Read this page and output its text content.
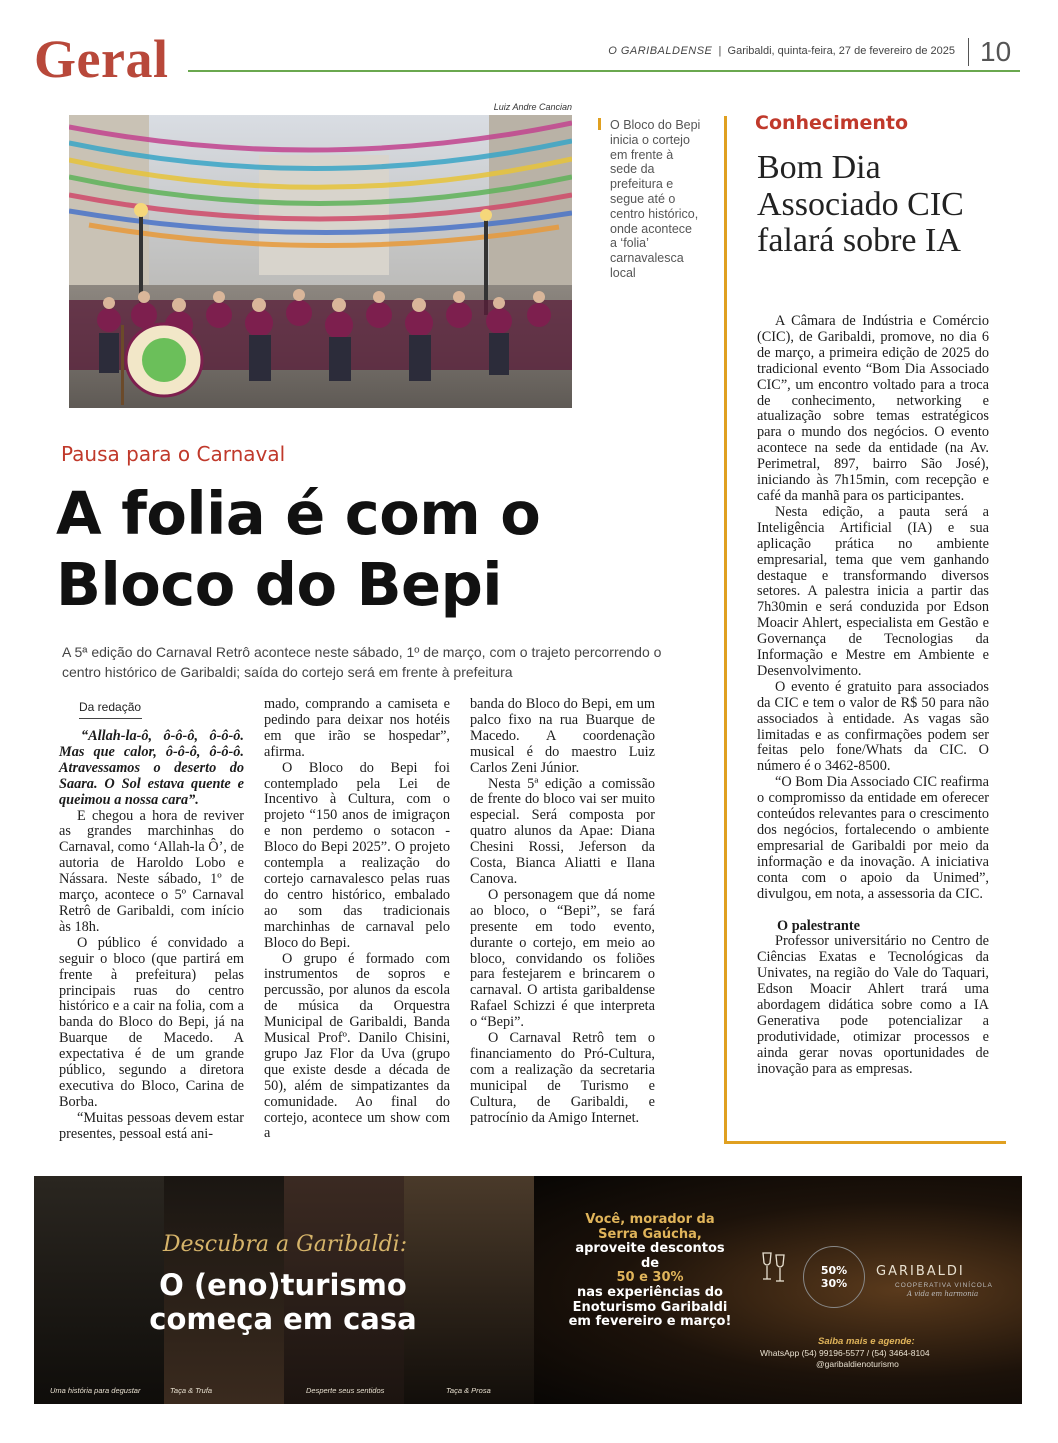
Geral	O GARIBALDENSE  |  Garibaldi, quinta-feira, 27 de fevereiro de 2025 10
Luiz Andre Cancian
O Bloco do Bepi inicia o cortejo em frente à sede da prefeitura e segue até o centro histórico, onde acontece a ‘folia’ carnavalesca local
Pausa para o Carnaval
A folia é com o Bloco do Bepi
A 5ª edição do Carnaval Retrô acontece neste sábado, 1º de março, com o trajeto percorrendo o centro histórico de Garibaldi; saída do cortejo será em frente à prefeitura
Da redação

“Allah-la-ô, ô-ô-ô, ô-ô-ô. Mas que calor, ô-ô-ô, ô-ô-ô. Atravessamos o deserto do Saara. O Sol estava quente e queimou a nossa cara”.

E chegou a hora de reviver as grandes marchinhas do Carnaval, como ‘Allah-la Ô’, de autoria de Haroldo Lobo e Nássara. Neste sábado, 1º de março, acontece o 5º Carnaval Retrô de Garibaldi, com início às 18h.

O público é convidado a seguir o bloco (que partirá em frente à prefeitura) pelas principais ruas do centro histórico e a cair na folia, com a banda do Bloco do Bepi, já na Buarque de Macedo. A expectativa é de um grande público, segundo a diretora executiva do Bloco, Carina de Borba.

“Muitas pessoas devem estar presentes, pessoal está ani-

mado, comprando a camiseta e pedindo para deixar nos hotéis em que irão se hospedar”, afirma.

O Bloco do Bepi foi contemplado pela Lei de Incentivo à Cultura, com o projeto “150 anos de imigraçon e non perdemo o sotacon - Bloco do Bepi 2025”. O projeto contempla a realização do cortejo carnavalesco pelas ruas do centro histórico, embalado ao som das tradicionais marchinhas de carnaval pelo Bloco do Bepi.

O grupo é formado com instrumentos de sopros e percussão, por alunos da escola de música da Orquestra Municipal de Garibaldi, Banda Musical Profº. Danilo Chisini, grupo Jaz Flor da Uva (grupo que existe desde a década de 50), além de simpatizantes da comunidade. Ao final do cortejo, acontece um show com a

banda do Bloco do Bepi, em um palco fixo na rua Buarque de Macedo. A coordenação musical é do maestro Luiz Carlos Zeni Júnior.

Nesta 5ª edição a comissão de frente do bloco vai ser muito especial. Será composta por quatro alunos da Apae: Diana Chesini Rossi, Jeferson da Costa, Bianca Aliatti e Ilana Canova.

O personagem que dá nome ao bloco, o “Bepi”, se fará presente em todo evento, durante o cortejo, em meio ao bloco, convidando os foliões para festejarem e brincarem o carnaval. O artista garibaldense Rafael Schizzi é que interpreta o “Bepi”.

O Carnaval Retrô tem o financiamento do Pró-Cultura, com a realização da secretaria municipal de Turismo e Cultura, de Garibaldi, e patrocínio da Amigo Internet.

Conhecimento
Bom Dia Associado CIC falará sobre IA

A Câmara de Indústria e Comércio (CIC), de Garibaldi, promove, no dia 6 de março, a primeira edição de 2025 do tradicional evento “Bom Dia Associado CIC”, um encontro voltado para a troca de conhecimento, networking e atualização sobre temas estratégicos para o mundo dos negócios. O evento acontece na sede da entidade (na Av. Perimetral, 897, bairro São José), iniciando às 7h15min, com recepção e café da manhã para os participantes.

Nesta edição, a pauta será a Inteligência Artificial (IA) e sua aplicação prática no ambiente empresarial, tema que vem ganhando destaque e transformando diversos setores. A palestra inicia a partir das 7h30min e será conduzida por Edson Moacir Ahlert, especialista em Gestão e Governança de Tecnologias da Informação e Mestre em Ambiente e Desenvolvimento.

O evento é gratuito para associados da CIC e tem o valor de R$ 50 para não associados à entidade. As vagas são limitadas e as confirmações podem ser feitas pelo fone/Whats da CIC. O número é o 3462-8500.

“O Bom Dia Associado CIC reafirma o compromisso da entidade em oferecer conteúdos relevantes para o crescimento dos negócios, fortalecendo o ambiente empresarial de Garibaldi por meio da informação e da inovação. A iniciativa conta com o apoio da Unimed”, divulgou, em nota, a assessoria da CIC.

O palestrante

Professor universitário no Centro de Ciências Exatas e Tecnológicas da Univates, na região do Vale do Taquari, Edson Moacir Ahlert trará uma abordagem didática sobre como a IA Generativa pode potencializar a produtividade, otimizar processos e ainda gerar novas oportunidades de inovação para as empresas.

Descubra a Garibaldi:
O (eno)turismo começa em casa
Uma história para degustar	Taça & Trufa	Desperte seus sentidos	Taça & Prosa
Você, morador da Serra Gaúcha,
aproveite descontos de
50 e 30%
nas experiências do Enoturismo Garibaldi em fevereiro e março!
50%
30%
GARIBALDI
COOPERATIVA VINÍCOLA
A vida em harmonia
Saiba mais e agende:
WhatsApp (54) 99196-5577 / (54) 3464-8104
@garibaldienoturismo
